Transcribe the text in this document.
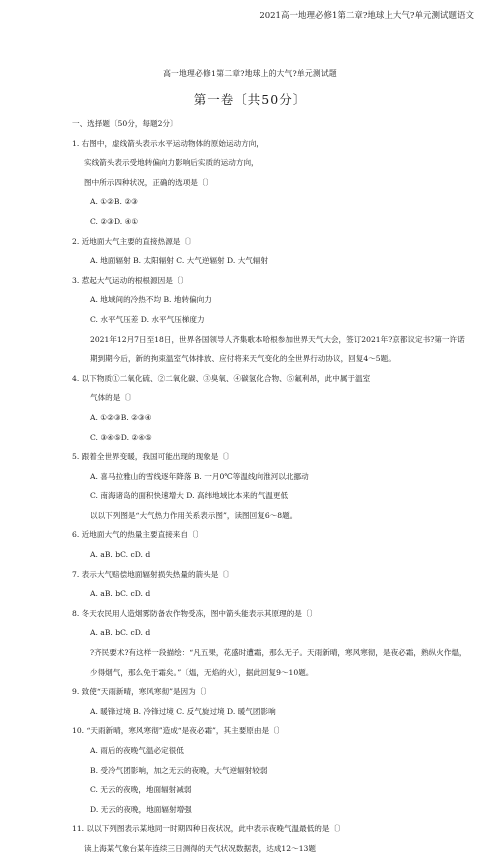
2021高一地理必修1第二章?地球上大气?单元测试题语文
高一地理必修1第二章?地球上的大气?单元测试题
第一卷〔共50分〕
一、选择题〔50分，每题2分〕
1. 右图中，虚线箭头表示水平运动物体的原始运动方向，
实线箭头表示受地转偏向力影响后实质的运动方向，
图中所示四种状况，正确的选项是〔〕
A. ①②B. ②③
C. ②③D. ④①
2. 近地面大气主要的直接热源是〔〕
A. 地面辐射 B. 太阳辐射 C. 大气逆辐射 D. 大气辐射
3. 惹起大气运动的根根源因是〔〕
A. 地域间的冷热不均 B. 地转偏向力
C. 水平气压差 D. 水平气压梯度力
2021年12月7日至18日，世界各国领导人齐集歌本哈根参加世界天气大会，签订2021年?京都议定书?第一许诺期到期今后，新的拘束温室气体排放、应付将来天气变化的全世界行动协议，回复4～5题。
4. 以下物质①二氧化硫、②二氧化碳、③臭氧、④碳氢化合物、⑤氟利昂，此中属于温室
气体的是〔〕
A. ①②③B. ②③④
C. ③④⑤D. ②④⑤
5. 跟着全世界变暖，我国可能出现的现象是〔〕
A. 喜马拉雅山的雪线逐年降落 B. 一月0℃等温线向淮河以北挪动
C. 南海诸岛的面积快速增大 D. 高纬地域比本来的气温更低
以以下列图是“大气热力作用关系表示图”，读图回复6～8题。
6. 近地面大气的热量主要直接来自〔〕
A. aB. bC. cD. d
7. 表示大气赔偿地面辐射损失热量的箭头是〔〕
A. aB. bC. cD. d
8. 冬天农民用人造烟雾防备农作物受冻，图中箭头能表示其原理的是〔〕
A. aB. bC. cD. d
?齐民要术?有这样一段描绘：“凡五果，花盛时遭霜，那么无子。天雨新晴，寒风寒彻，是夜必霜，熟纵火作煴，少得烟气，那么免于霜矣。”〔煴，无焰的火〕，据此回复9～10题。
9. 致使“天雨新晴，寒风寒彻”是因为〔〕
A. 暖锋过境 B. 冷锋过境 C. 反气旋过境 D. 暖气团影响
10. “天雨新晴，寒风寒彻”造成“是夜必霜”，其主要原由是〔〕
A. 雨后的夜晚气温必定很低
B. 受冷气团影响，加之无云的夜晚，大气逆辐射较弱
C. 无云的夜晚，地面辐射减弱
D. 无云的夜晚，地面辐射增强
11. 以以下列图表示某地同一时期四种日夜状况，此中表示夜晚气温最低的是〔〕
读上海某气象台某年连续三日测得的天气状况数据表，达成12～13题
